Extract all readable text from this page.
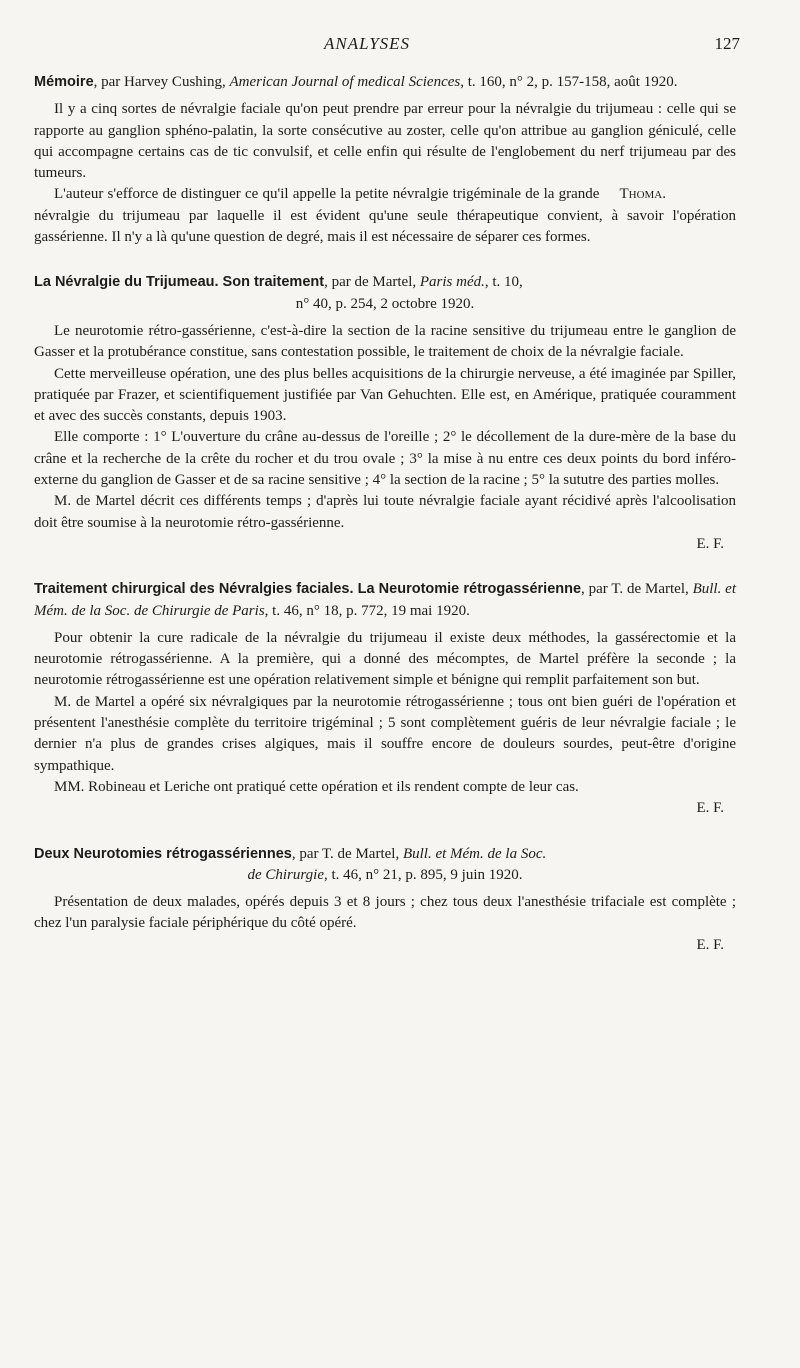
ANALYSES	127

Mémoire, par Harvey Cushing, American Journal of medical Sciences, t. 160, n° 2, p. 157-158, août 1920.

Il y a cinq sortes de névralgie faciale qu'on peut prendre par erreur pour la névralgie du trijumeau : celle qui se rapporte au ganglion sphéno-palatin, la sorte consécutive au zoster, celle qu'on attribue au ganglion géniculé, celle qui accompagne certains cas de tic convulsif, et celle enfin qui résulte de l'englobement du nerf trijumeau par des tumeurs.

Thoma.
L'auteur s'efforce de distinguer ce qu'il appelle la petite névralgie trigéminale de la grande névralgie du trijumeau par laquelle il est évident qu'une seule thérapeutique convient, à savoir l'opération gassérienne. Il n'y a là qu'une question de degré, mais il est nécessaire de séparer ces formes.

La Névralgie du Trijumeau. Son traitement, par de Martel, Paris méd., t. 10,

n° 40, p. 254, 2 octobre 1920.

Le neurotomie rétro-gassérienne, c'est-à-dire la section de la racine sensitive du trijumeau entre le ganglion de Gasser et la protubérance constitue, sans contestation possible, le traitement de choix de la névralgie faciale.

Cette merveilleuse opération, une des plus belles acquisitions de la chirurgie nerveuse, a été imaginée par Spiller, pratiquée par Frazer, et scientifiquement justifiée par Van Gehuchten. Elle est, en Amérique, pratiquée couramment et avec des succès constants, depuis 1903.

Elle comporte : 1° L'ouverture du crâne au-dessus de l'oreille ; 2° le décollement de la dure-mère de la base du crâne et la recherche de la crête du rocher et du trou ovale ; 3° la mise à nu entre ces deux points du bord inféro-externe du ganglion de Gasser et de sa racine sensitive ; 4° la section de la racine ; 5° la sututre des parties molles.

M. de Martel décrit ces différents temps ; d'après lui toute névralgie faciale ayant récidivé après l'alcoolisation doit être soumise à la neurotomie rétro-gassérienne.

E. F.

Traitement chirurgical des Névralgies faciales. La Neurotomie rétrogassérienne, par T. de Martel, Bull. et Mém. de la Soc. de Chirurgie de Paris, t. 46, n° 18, p. 772, 19 mai 1920.

Pour obtenir la cure radicale de la névralgie du trijumeau il existe deux méthodes, la gassérectomie et la neurotomie rétrogassérienne. A la première, qui a donné des mécomptes, de Martel préfère la seconde ; la neurotomie rétrogassérienne est une opération relativement simple et bénigne qui remplit parfaitement son but.

M. de Martel a opéré six névralgiques par la neurotomie rétrogassérienne ; tous ont bien guéri de l'opération et présentent l'anesthésie complète du territoire trigéminal ; 5 sont complètement guéris de leur névralgie faciale ; le dernier n'a plus de grandes crises algiques, mais il souffre encore de douleurs sourdes, peut-être d'origine sympathique.

MM. Robineau et Leriche ont pratiqué cette opération et ils rendent compte de leur cas.

E. F.

Deux Neurotomies rétrogassériennes, par T. de Martel, Bull. et Mém. de la Soc.

de Chirurgie, t. 46, n° 21, p. 895, 9 juin 1920.

Présentation de deux malades, opérés depuis 3 et 8 jours ; chez tous deux l'anesthésie trifaciale est complète ; chez l'un paralysie faciale périphérique du côté opéré.

E. F.
